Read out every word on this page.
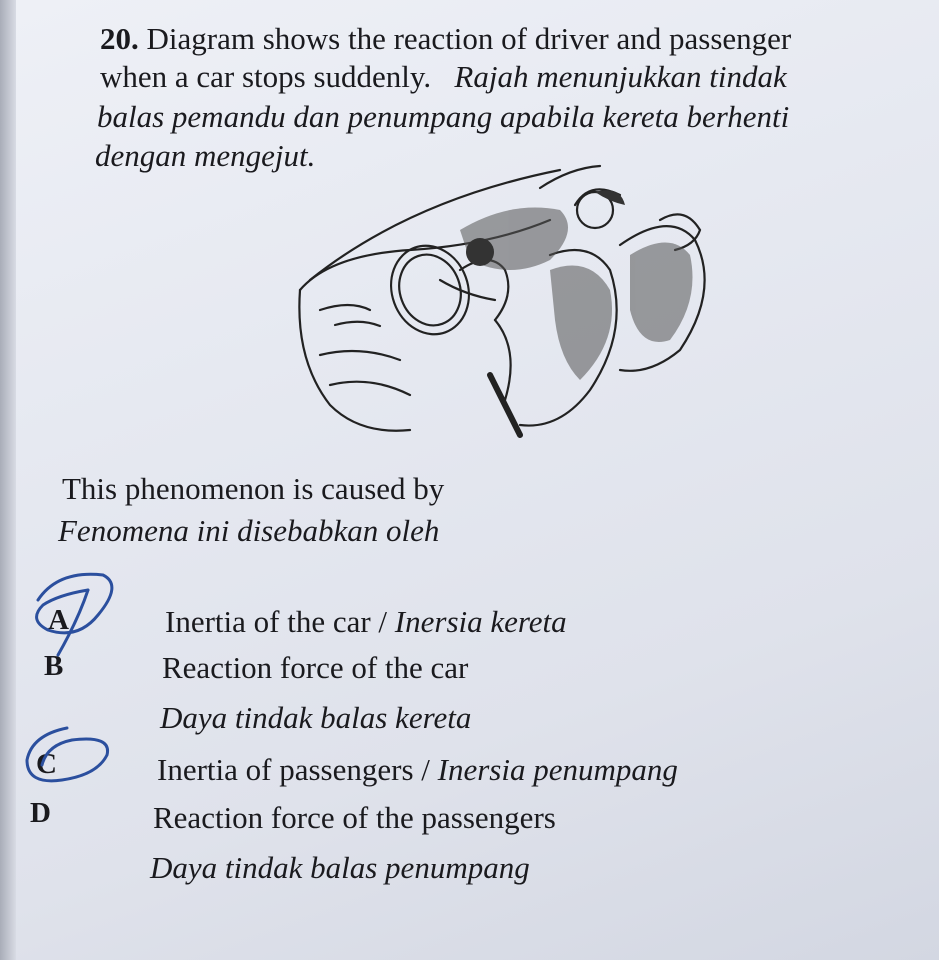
20. Diagram shows the reaction of driver and passenger
when a car stops suddenly. Rajah menunjukkan tindak
balas pemandu dan penumpang apabila kereta berhenti
dengan mengejut.
This phenomenon is caused by
Fenomena ini disebabkan oleh
A	Inertia of the car / Inersia kereta
B	Reaction force of the car
Daya tindak balas kereta
C	Inertia of passengers / Inersia penumpang
D	Reaction force of the passengers
Daya tindak balas penumpang
